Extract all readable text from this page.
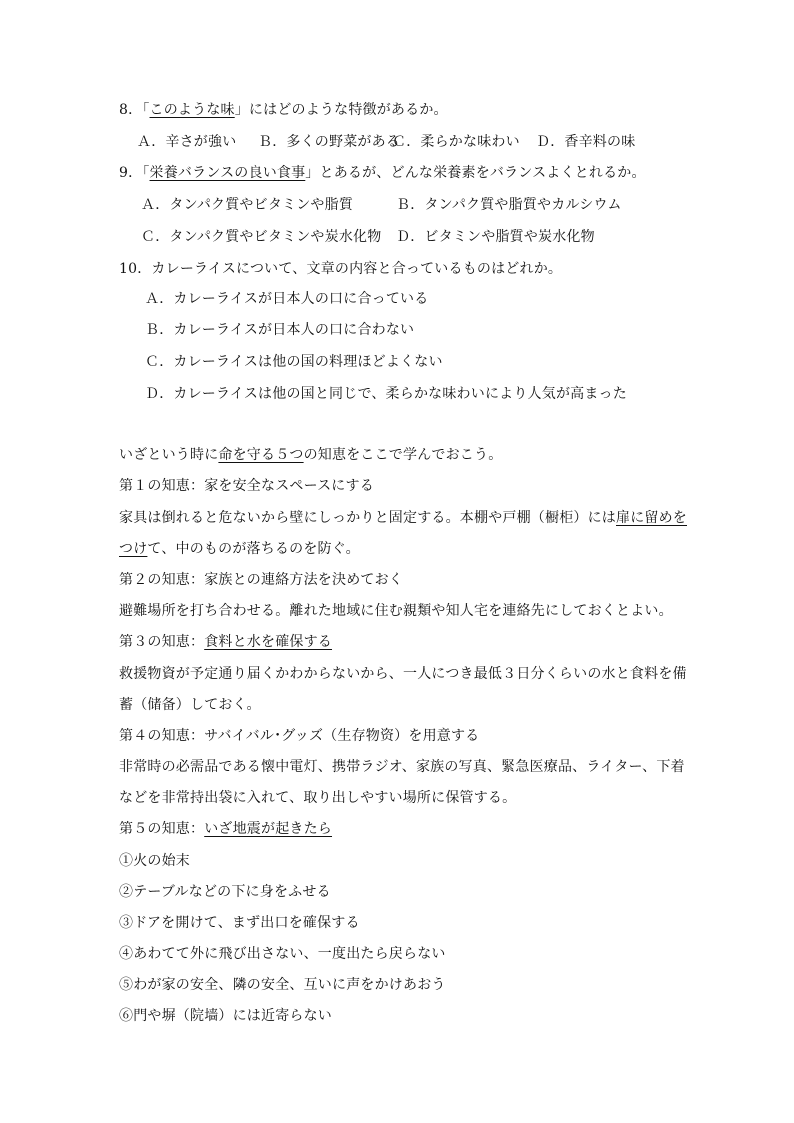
8．「このような味」にはどのような特徴があるか。
Ａ．辛さが強い Ｂ．多くの野菜がある
Ｃ．柔らかな味わい Ｄ．香辛料の味
9．「栄養バランスの良い食事」とあるが、どんな栄養素をバランスよくとれるか。
Ａ．タンパク質やビタミンや脂質	Ｂ．タンパク質や脂質やカルシウム
Ｃ．タンパク質やビタミンや炭水化物 Ｄ．ビタミンや脂質や炭水化物
10．カレーライスについて、文章の内容と合っているものはどれか。
Ａ．カレーライスが日本人の口に合っている
Ｂ．カレーライスが日本人の口に合わない
Ｃ．カレーライスは他の国の料理ほどよくない
Ｄ．カレーライスは他の国と同じで、柔らかな味わいにより人気が高まった
いざという時に命を守る５つの知恵をここで学んでおこう。
第１の知恵：家を安全なスペースにする
家具は倒れると危ないから壁にしっかりと固定する。本棚や戸棚（橱柜）には扉に留めを
つけて、中のものが落ちるのを防ぐ。
第２の知恵：家族との連絡方法を決めておく
避難場所を打ち合わせる。離れた地域に住む親類や知人宅を連絡先にしておくとよい。
第３の知恵：食料と水を確保する
救援物資が予定通り届くかわからないから、一人につき最低３日分くらいの水と食料を備
蓄（储备）しておく。
第４の知恵：サバイバル･グッズ（生存物资）を用意する
非常時の必需品である懐中電灯、携帯ラジオ、家族の写真、緊急医療品、ライター、下着
などを非常持出袋に入れて、取り出しやすい場所に保管する。
第５の知恵：いざ地震が起きたら
①火の始末
②テーブルなどの下に身をふせる
③ドアを開けて、まず出口を確保する
④あわてて外に飛び出さない、一度出たら戻らない
⑤わが家の安全、隣の安全、互いに声をかけあおう
⑥門や塀（院墙）には近寄らない
